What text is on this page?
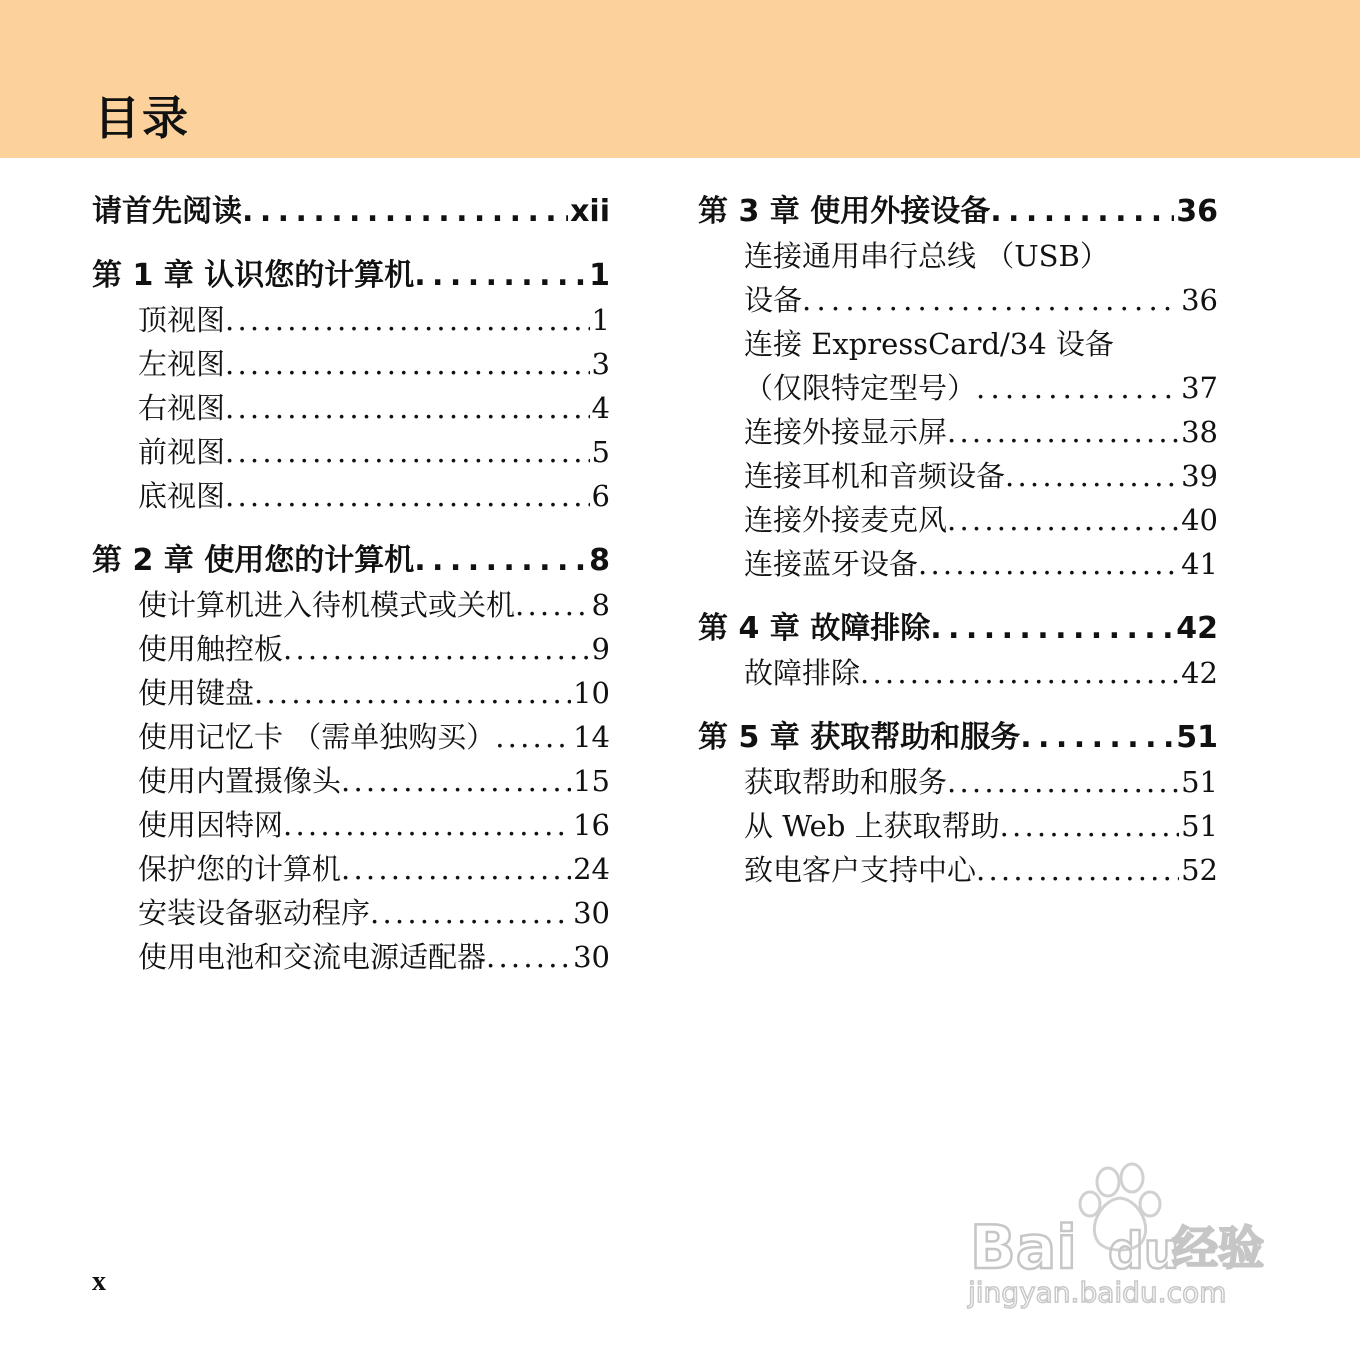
目录
请首先阅读 . . .	xii
第 1 章 认识您的计算机 . . .	1
顶视图 . . .	1
左视图 . . .	3
右视图 . . .	4
前视图 . . .	5
底视图 . . .	6
第 2 章 使用您的计算机 . . .	8
使计算机进入待机模式或关机 . . .	8
使用触控板 . . .	9
使用键盘 . . .	10
使用记忆卡 （需单独购买） . . .	14
使用内置摄像头 . . .	15
使用因特网 . . .	16
保护您的计算机 . . .	24
安装设备驱动程序 . . .	30
使用电池和交流电源适配器 . . .	30
第 3 章 使用外接设备 . . .	36
连接通用串行总线 （USB）
设备 . . .	36
连接 ExpressCard/34 设备
（仅限特定型号） . . .	37
连接外接显示屏 . . .	38
连接耳机和音频设备 . . .	39
连接外接麦克风 . . .	40
连接蓝牙设备 . . .	41
第 4 章 故障排除 . . .	42
故障排除 . . .	42
第 5 章 获取帮助和服务 . . .	51
获取帮助和服务 . . .	51
从 Web 上获取帮助 . . .	51
致电客户支持中心 . . .	52
x	Bai du
经验
jingyan.baidu.com
